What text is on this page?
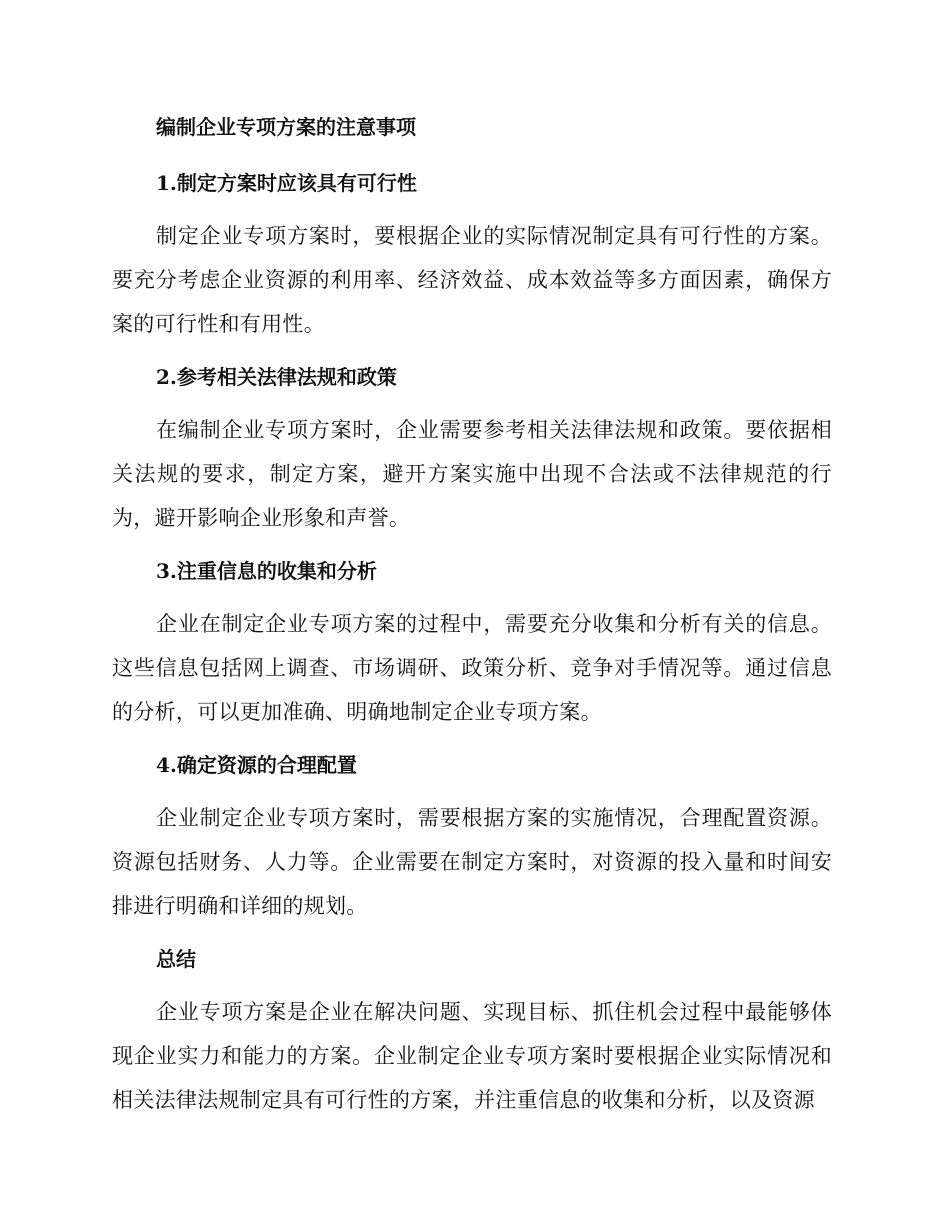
编制企业专项方案的注意事项
1.制定方案时应该具有可行性

制定企业专项方案时，要根据企业的实际情况制定具有可行性的方案。要充分考虑企业资源的利用率、经济效益、成本效益等多方面因素，确保方案的可行性和有用性。

2.参考相关法律法规和政策

在编制企业专项方案时，企业需要参考相关法律法规和政策。要依据相关法规的要求，制定方案，避开方案实施中出现不合法或不法律规范的行为，避开影响企业形象和声誉。

3.注重信息的收集和分析

企业在制定企业专项方案的过程中，需要充分收集和分析有关的信息。这些信息包括网上调查、市场调研、政策分析、竞争对手情况等。通过信息的分析，可以更加准确、明确地制定企业专项方案。

4.确定资源的合理配置

企业制定企业专项方案时，需要根据方案的实施情况，合理配置资源。资源包括财务、人力等。企业需要在制定方案时，对资源的投入量和时间安排进行明确和详细的规划。

总结

企业专项方案是企业在解决问题、实现目标、抓住机会过程中最能够体现企业实力和能力的方案。企业制定企业专项方案时要根据企业实际情况和相关法律法规制定具有可行性的方案，并注重信息的收集和分析，以及资源
